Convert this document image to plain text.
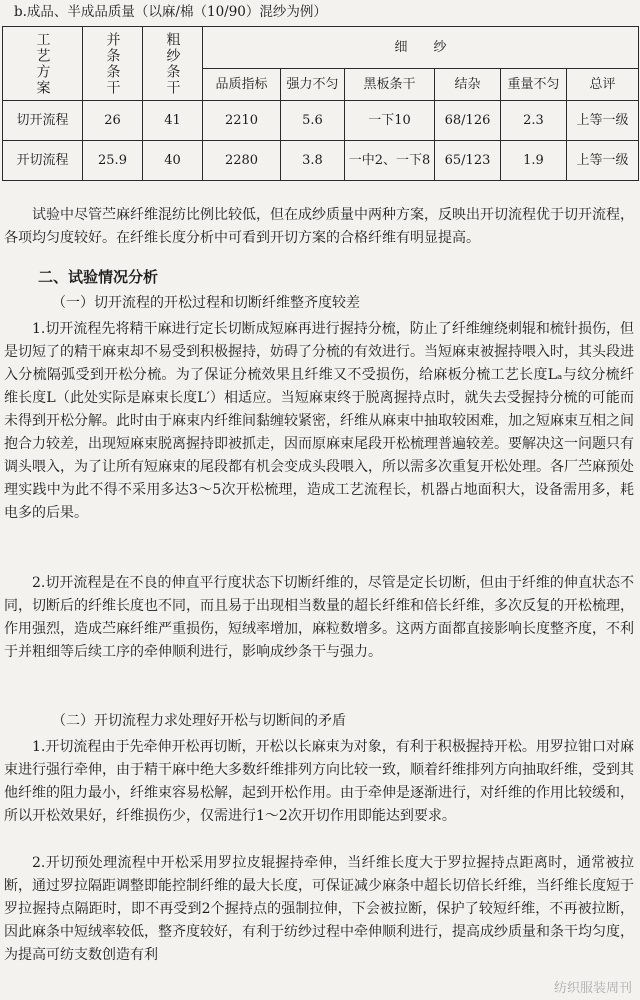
b.成品、半成品质量（以麻/棉（10/90）混纱为例）
工艺方案	并条条干	粗纱条干	细　　纱					
			品质指标	强力不匀	黑板条干	结杂	重量不匀	总评
切开流程	26	41	2210	5.6	一下10	68/126	2.3	上等一级
开切流程	25.9	40	2280	3.8	一中2、一下8	65/123	1.9	上等一级

试验中尽管苎麻纤维混纺比例比较低，但在成纱质量中两种方案，反映出开切流程优于切开流程，各项均匀度较好。在纤维长度分析中可看到开切方案的合格纤维有明显提高。

二、试验情况分析
（一）切开流程的开松过程和切断纤维整齐度较差

1.切开流程先将精干麻进行定长切断成短麻再进行握持分梳，防止了纤维缠绕刺辊和梳针损伤，但是切短了的精干麻束却不易受到积极握持，妨碍了分梳的有效进行。当短麻束被握持喂入时，其头段进入分梳隔弧受到开松分梳。为了保证分梳效果且纤维又不受损伤，给麻板分梳工艺长度Lₐ与纹分梳纤维长度L（此处实际是麻束长度L′）相适应。当短麻束终于脱离握持点时，就失去受握持分梳的可能而未得到开松分解。此时由于麻束内纤维间黏缠较紧密，纤维从麻束中抽取较困难，加之短麻束互相之间抱合力较差，出现短麻束脱离握持即被抓走，因而原麻束尾段开松梳理普遍较差。要解决这一问题只有调头喂入，为了让所有短麻束的尾段都有机会变成头段喂入，所以需多次重复开松处理。各厂苎麻预处理实践中为此不得不采用多达3～5次开松梳理，造成工艺流程长，机器占地面积大，设备需用多，耗电多的后果。

2.切开流程是在不良的伸直平行度状态下切断纤维的，尽管是定长切断，但由于纤维的伸直状态不同，切断后的纤维长度也不同，而且易于出现相当数量的超长纤维和倍长纤维，多次反复的开松梳理，作用强烈，造成苎麻纤维严重损伤，短绒率增加，麻粒数增多。这两方面都直接影响长度整齐度，不利于并粗细等后续工序的牵伸顺利进行，影响成纱条干与强力。

（二）开切流程力求处理好开松与切断间的矛盾

1.开切流程由于先牵伸开松再切断，开松以长麻束为对象，有利于积极握持开松。用罗拉钳口对麻束进行强行牵伸，由于精干麻中绝大多数纤维排列方向比较一致，顺着纤维排列方向抽取纤维，受到其他纤维的阻力最小，纤维束容易松解，起到开松作用。由于牵伸是逐渐进行，对纤维的作用比较缓和，所以开松效果好，纤维损伤少，仅需进行1～2次开切作用即能达到要求。

2.开切预处理流程中开松采用罗拉皮辊握持牵伸，当纤维长度大于罗拉握持点距离时，通常被拉断，通过罗拉隔距调整即能控制纤维的最大长度，可保证减少麻条中超长切倍长纤维，当纤维长度短于罗拉握持点隔距时，即不再受到2个握持点的强制拉伸，下会被拉断，保护了较短纤维，不再被拉断，因此麻条中短绒率较低，整齐度较好，有利于纺纱过程中牵伸顺利进行，提高成纱质量和条干均匀度，为提高可纺支数创造有利

纺织服装周刊
